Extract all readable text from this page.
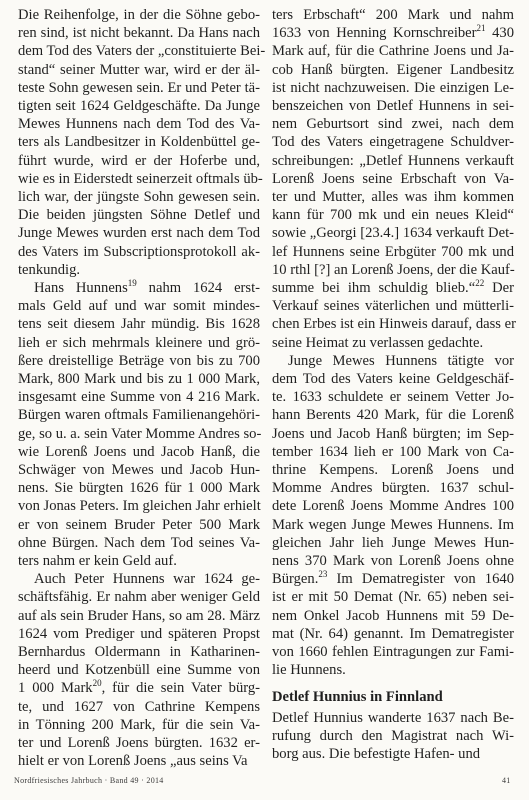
Die Reihenfolge, in der die Söhne gebo-
ren sind, ist nicht bekannt. Da Hans nach
dem Tod des Vaters der „constituierte Bei-
stand“ seiner Mutter war, wird er der äl-
teste Sohn gewesen sein. Er und Peter tä-
tigten seit 1624 Geldgeschäfte. Da Junge
Mewes Hunnens nach dem Tod des Va-
ters als Landbesitzer in Koldenbüttel ge-
führt wurde, wird er der Hoferbe und,
wie es in Eiderstedt seinerzeit oftmals üb-
lich war, der jüngste Sohn gewesen sein.
Die beiden jüngsten Söhne Detlef und
Junge Mewes wurden erst nach dem Tod
des Vaters im Subscriptionsprotokoll ak-
tenkundig.
Hans Hunnens$^{19}$ nahm 1624 erst-
mals Geld auf und war somit mindes-
tens seit diesem Jahr mündig. Bis 1628
lieh er sich mehrmals kleinere und grö-
ßere dreistellige Beträge von bis zu 700
Mark, 800 Mark und bis zu 1 000 Mark,
insgesamt eine Summe von 4 216 Mark.
Bürgen waren oftmals Familienangehöri-
ge, so u. a. sein Vater Momme Andres so-
wie Lorenß Joens und Jacob Hanß, die
Schwäger von Mewes und Jacob Hun-
nens. Sie bürgten 1626 für 1 000 Mark
von Jonas Peters. Im gleichen Jahr erhielt
er von seinem Bruder Peter 500 Mark
ohne Bürgen. Nach dem Tod seines Va-
ters nahm er kein Geld auf.
Auch Peter Hunnens war 1624 ge-
schäftsfähig. Er nahm aber weniger Geld
auf als sein Bruder Hans, so am 28. März
1624 vom Prediger und späteren Propst
Bernhardus Oldermann in Katharinen-
heerd und Kotzenbüll eine Summe von
1 000 Mark$^{20}$, für die sein Vater bürg-
te, und 1627 von Cathrine Kempens
in Tönning 200 Mark, für die sein Va-
ter und Lorenß Joens bürgten. 1632 er-
hielt er von Lorenß Joens „aus seins Va
ters Erbschaft“ 200 Mark und nahm
1633 von Henning Kornschreiber$^{21}$ 430
Mark auf, für die Cathrine Joens und Ja-
cob Hanß bürgten. Eigener Landbesitz
ist nicht nachzuweisen. Die einzigen Le-
benszeichen von Detlef Hunnens in sei-
nem Geburtsort sind zwei, nach dem
Tod des Vaters eingetragene Schuldver-
schreibungen: „Detlef Hunnens verkauft
Lorenß Joens seine Erbschaft von Va-
ter und Mutter, alles was ihm kommen
kann für 700 mk und ein neues Kleid“
sowie „Georgi [23.4.] 1634 verkauft Det-
lef Hunnens seine Erbgüter 700 mk und
10 rthl [?] an Lorenß Joens, der die Kauf-
summe bei ihm schuldig blieb.“$^{22}$ Der
Verkauf seines väterlichen und mütterli-
chen Erbes ist ein Hinweis darauf, dass er
seine Heimat zu verlassen gedachte.
Junge Mewes Hunnens tätigte vor
dem Tod des Vaters keine Geldgeschäf-
te. 1633 schuldete er seinem Vetter Jo-
hann Berents 420 Mark, für die Lorenß
Joens und Jacob Hanß bürgten; im Sep-
tember 1634 lieh er 100 Mark von Ca-
thrine Kempens. Lorenß Joens und
Momme Andres bürgten. 1637 schul-
dete Lorenß Joens Momme Andres 100
Mark wegen Junge Mewes Hunnens. Im
gleichen Jahr lieh Junge Mewes Hun-
nens 370 Mark von Lorenß Joens ohne
Bürgen.$^{23}$ Im Dematregister von 1640
ist er mit 50 Demat (Nr. 65) neben sei-
nem Onkel Jacob Hunnens mit 59 De-
mat (Nr. 64) genannt. Im Dematregister
von 1660 fehlen Eintragungen zur Fami-
lie Hunnens.
Detlef Hunnius in Finnland
Detlef Hunnius wanderte 1637 nach Be-
rufung durch den Magistrat nach Wi-
borg aus. Die befestigte Hafen- und
Nordfriesisches Jahrbuch · Band 49 · 2014	41
